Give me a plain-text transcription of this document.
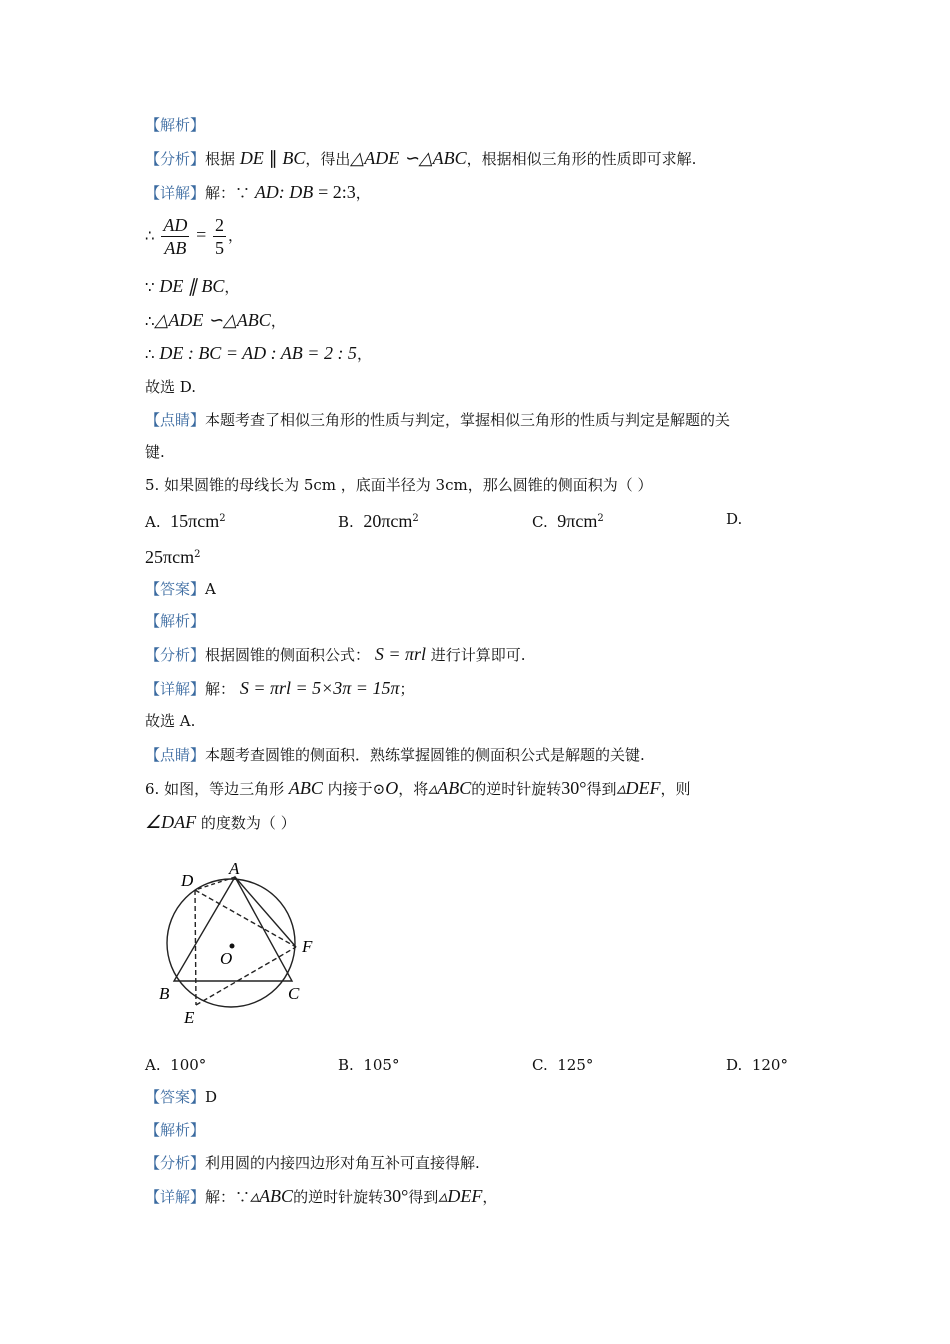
【解析】
【分析】根据 DE ∥ BC，得出△ADE ∽△ABC，根据相似三角形的性质即可求解.
【详解】解：∵ AD: DB = 2:3，
∴ $\frac{AD}{AB} = \frac{2}{5}$ ，
∵ DE ∥ BC，
∴△ADE ∽△ABC，
∴ DE : BC = AD : AB = 2 : 5，
故选 D.
【点睛】本题考查了相似三角形的性质与判定，掌握相似三角形的性质与判定是解题的关
键.
5. 如果圆锥的母线长为 5cm ，底面半径为 3cm，那么圆锥的侧面积为（ ）
A. 15πcm$^2$	B. 20πcm$^2$	C. 9πcm$^2$	D.
25πcm$^2$
【答案】A
【解析】
【分析】根据圆锥的侧面积公式： S = πrl 进行计算即可.
【详解】解： S = πrl = 5×3π = 15π；
故选 A.
【点睛】本题考查圆锥的侧面积．熟练掌握圆锥的侧面积公式是解题的关键.
6. 如图，等边三角形 ABC 内接于⊙O，将▵ABC的逆时针旋转30°得到▵DEF，则
∠DAF 的度数为（ ）
A
D
F
O
B	C
E
A. 100°	B. 105°	C. 125°	D. 120°
【答案】D
【解析】
【分析】利用圆的内接四边形对角互补可直接得解.
【详解】解：∵▵ABC的逆时针旋转30°得到▵DEF，
